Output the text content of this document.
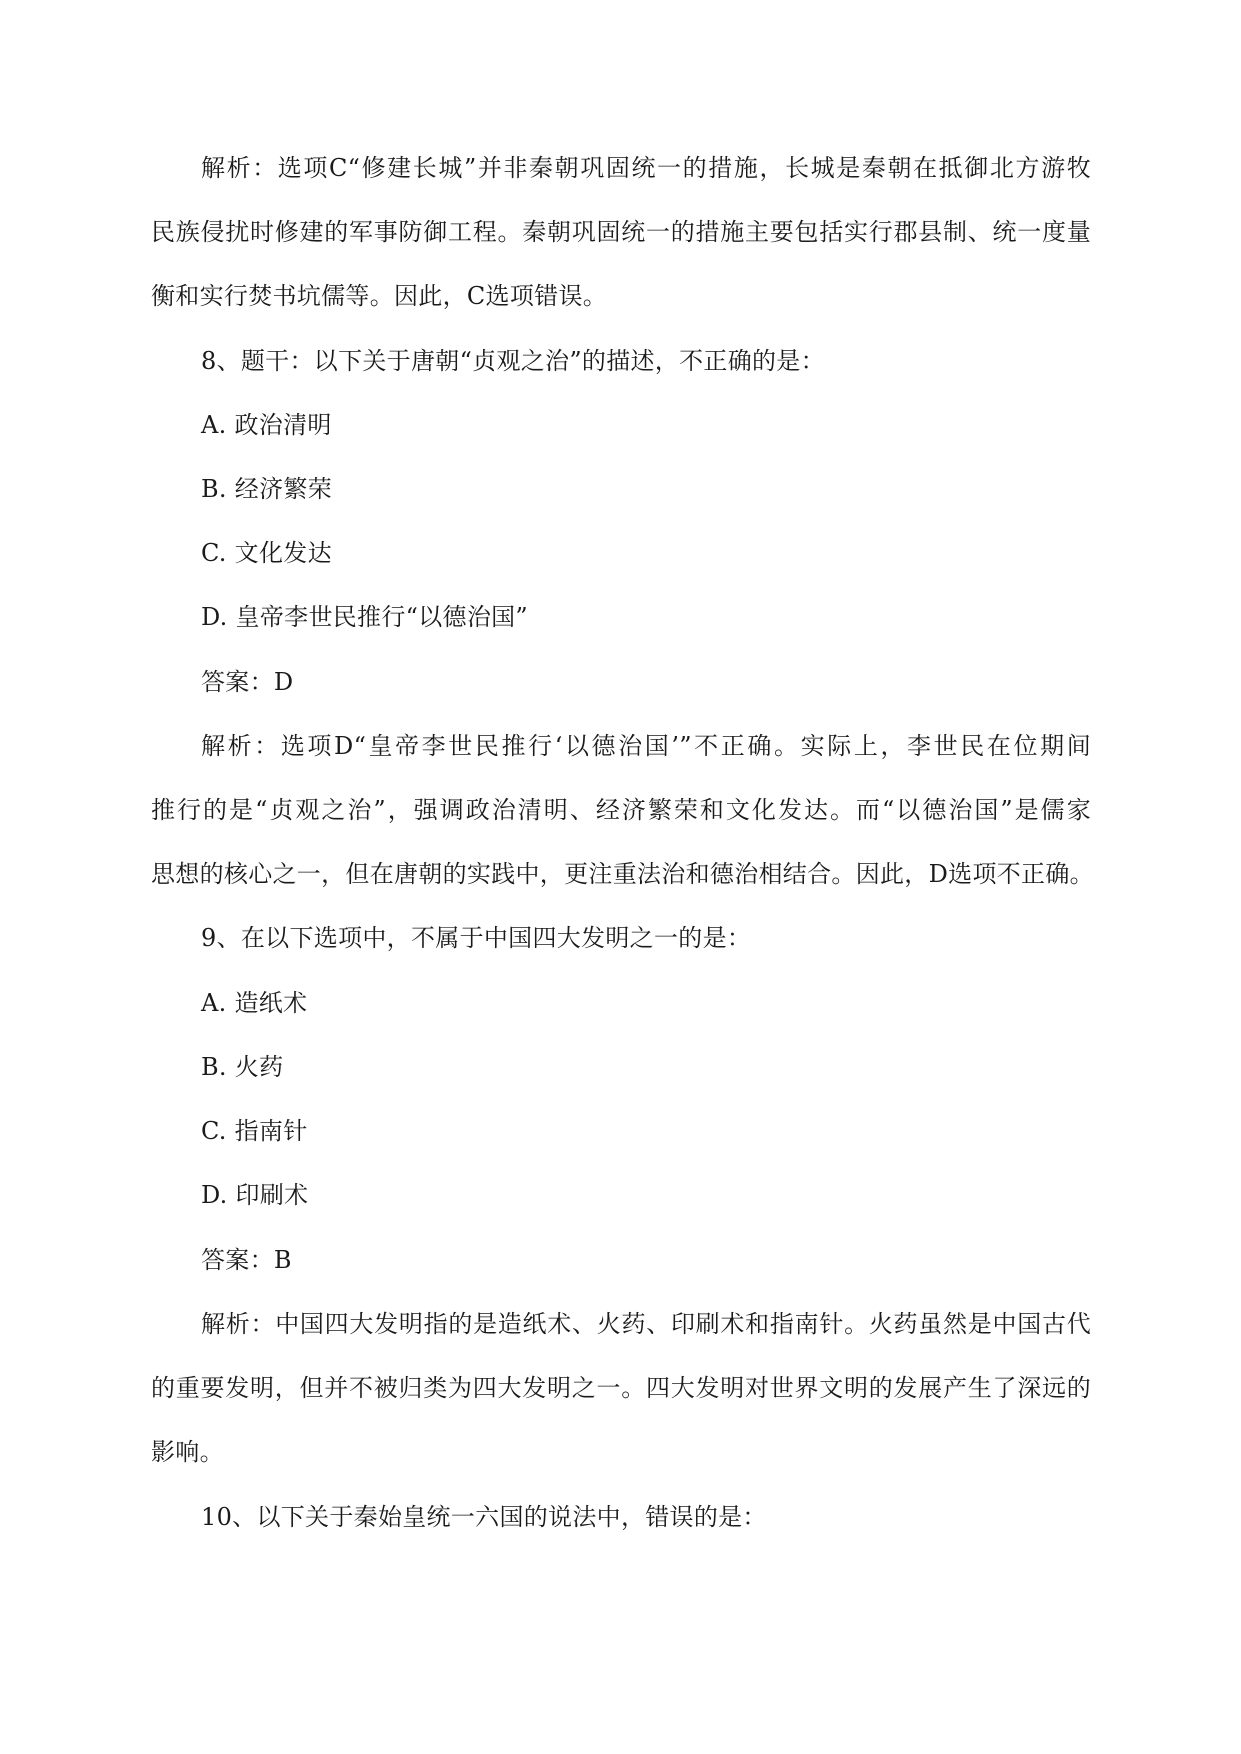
解析：选项C“修建长城”并非秦朝巩固统一的措施，长城是秦朝在抵御北方游牧
民族侵扰时修建的军事防御工程。秦朝巩固统一的措施主要包括实行郡县制、统一度量
衡和实行焚书坑儒等。因此，C选项错误。
8、题干：以下关于唐朝“贞观之治”的描述，不正确的是：
A. 政治清明
B. 经济繁荣
C. 文化发达
D. 皇帝李世民推行“以德治国”
答案：D
解析：选项D“皇帝李世民推行‘以德治国’”不正确。实际上，李世民在位期间
推行的是“贞观之治”，强调政治清明、经济繁荣和文化发达。而“以德治国”是儒家
思想的核心之一，但在唐朝的实践中，更注重法治和德治相结合。因此，D选项不正确。
9、在以下选项中，不属于中国四大发明之一的是：
A. 造纸术
B. 火药
C. 指南针
D. 印刷术
答案：B
解析：中国四大发明指的是造纸术、火药、印刷术和指南针。火药虽然是中国古代
的重要发明，但并不被归类为四大发明之一。四大发明对世界文明的发展产生了深远的
影响。
10、以下关于秦始皇统一六国的说法中，错误的是：
